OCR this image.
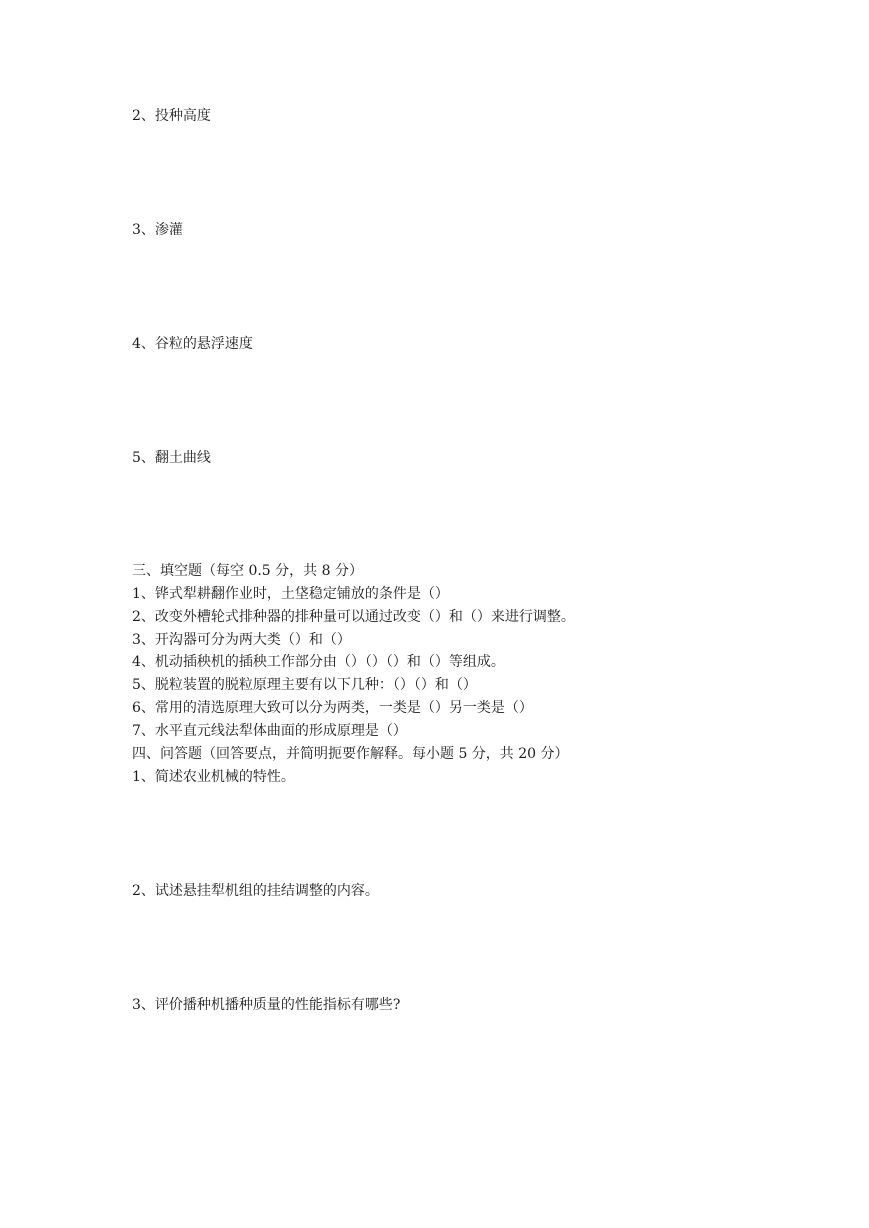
2、投种高度

3、渗灌

4、谷粒的悬浮速度

5、翻土曲线

三、填空题（每空 0.5 分，共 8 分）

1、铧式犁耕翻作业时，土垡稳定铺放的条件是（）

2、改变外槽轮式排种器的排种量可以通过改变（）和（）来进行调整。

3、开沟器可分为两大类（）和（）

4、机动插秧机的插秧工作部分由（）（）（）和（）等组成。

5、脱粒装置的脱粒原理主要有以下几种：（）（）和（）

6、常用的清选原理大致可以分为两类，一类是（）另一类是（）

7、水平直元线法犁体曲面的形成原理是（）

四、问答题（回答要点，并简明扼要作解释。每小题 5 分，共 20 分）

1、简述农业机械的特性。

2、试述悬挂犁机组的挂结调整的内容。

3、评价播种机播种质量的性能指标有哪些?
